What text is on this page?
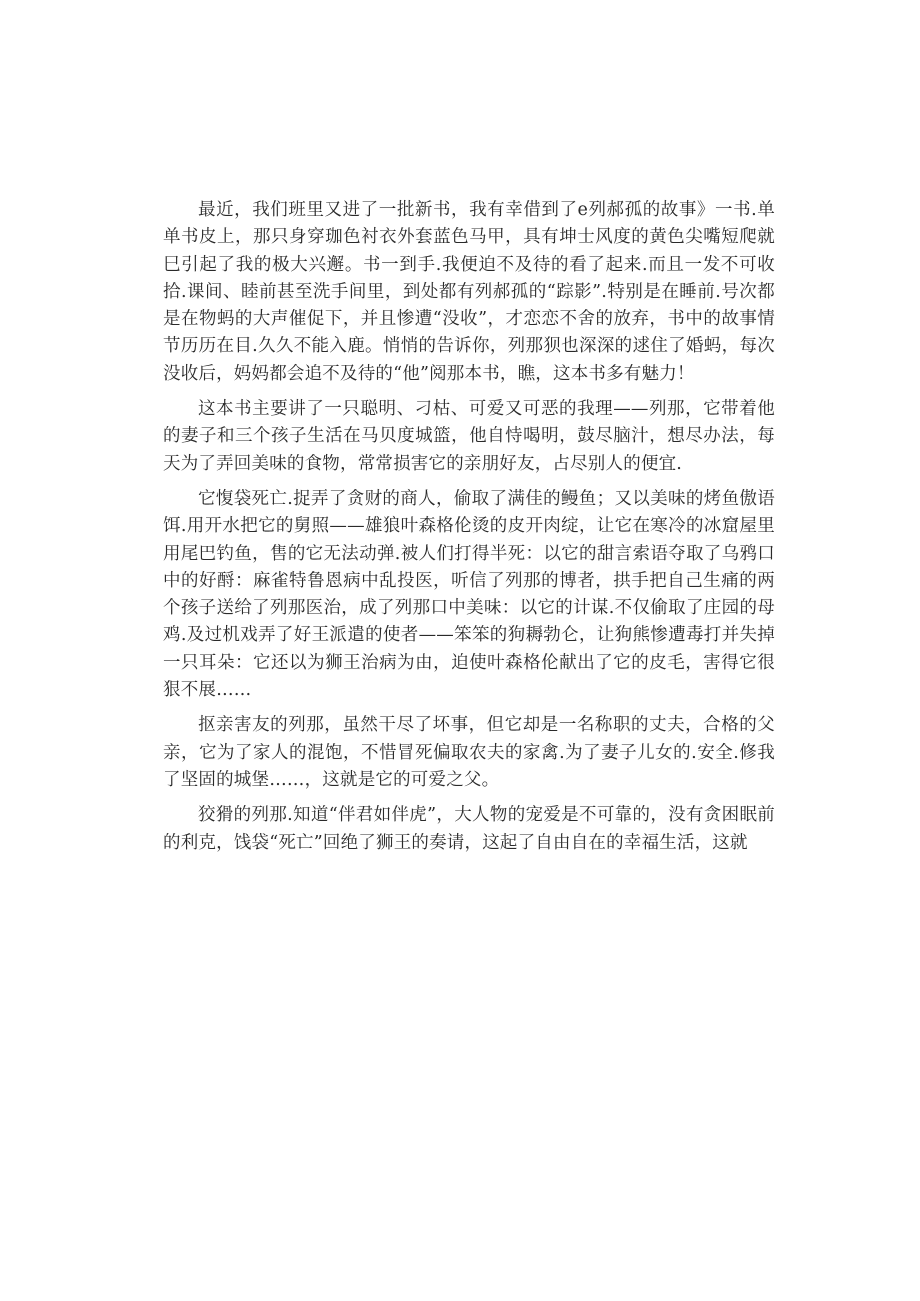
最近，我们班里又进了一批新书，我有幸借到了e列郝孤的故事》一书.单单书皮上，那只身穿珈色衬衣外套蓝色马甲，具有坤士风度的黄色尖嘴短爬就巳引起了我的极大兴邂。书一到手.我便迫不及待的看了起来.而且一发不可收拾.课间、睦前甚至洗手间里，到处都有列郝孤的“踪影”.特别是在睡前.号次都是在物蚂的大声催促下，并且惨遭“没收”，才恋恋不舍的放弃，书中的故事情节历历在目.久久不能入鹿。悄悄的告诉你，列那狈也深深的逑住了婚蚂，每次没收后，妈妈都会追不及待的“他”阅那本书，瞧，这本书多有魅力！

这本书主要讲了一只聪明、刁枯、可爱又可恶的我理——列那，它带着他的妻子和三个孩子生活在马贝度城篮，他自恃喝明，鼓尽脑汁，想尽办法，每天为了弄回美味的食物，常常损害它的亲朋好友，占尽别人的便宜.

它愎袋死亡.捉弄了贪财的商人，偷取了满佳的鳗鱼；又以美味的烤鱼傲语饵.用开水把它的舅照——雄狼叶森格伦烫的皮开肉绽，让它在寒冷的冰窟屋里用尾巴钓鱼，售的它无法动弹.被人们打得半死：以它的甜言索语夺取了乌鸦口中的好酹：麻雀特鲁恩病中乱投医，听信了列那的博者，拱手把自己生痛的两个孩子送给了列那医治，成了列那口中美味：以它的计谋.不仅偷取了庄园的母鸡.及过机戏弄了好王派遣的使者——笨笨的狗耨勃仑，让狗熊惨遭毒打并失掉一只耳朵：它还以为狮王治病为由，迫使叶森格伦献出了它的皮毛，害得它很狠不展……

抠亲害友的列那，虽然干尽了坏事，但它却是一名称职的丈夫，合格的父亲，它为了家人的混饱，不惜冒死偏取农夫的家禽.为了妻子儿女的.安全.修我了坚固的城堡……，这就是它的可爱之父。

狡猾的列那.知道“伴君如伴虎”，大人物的宠爱是不可靠的，没有贪困眠前的利克，饯袋“死亡”回绝了狮王的奏请，这起了自由自在的幸福生活，这就
